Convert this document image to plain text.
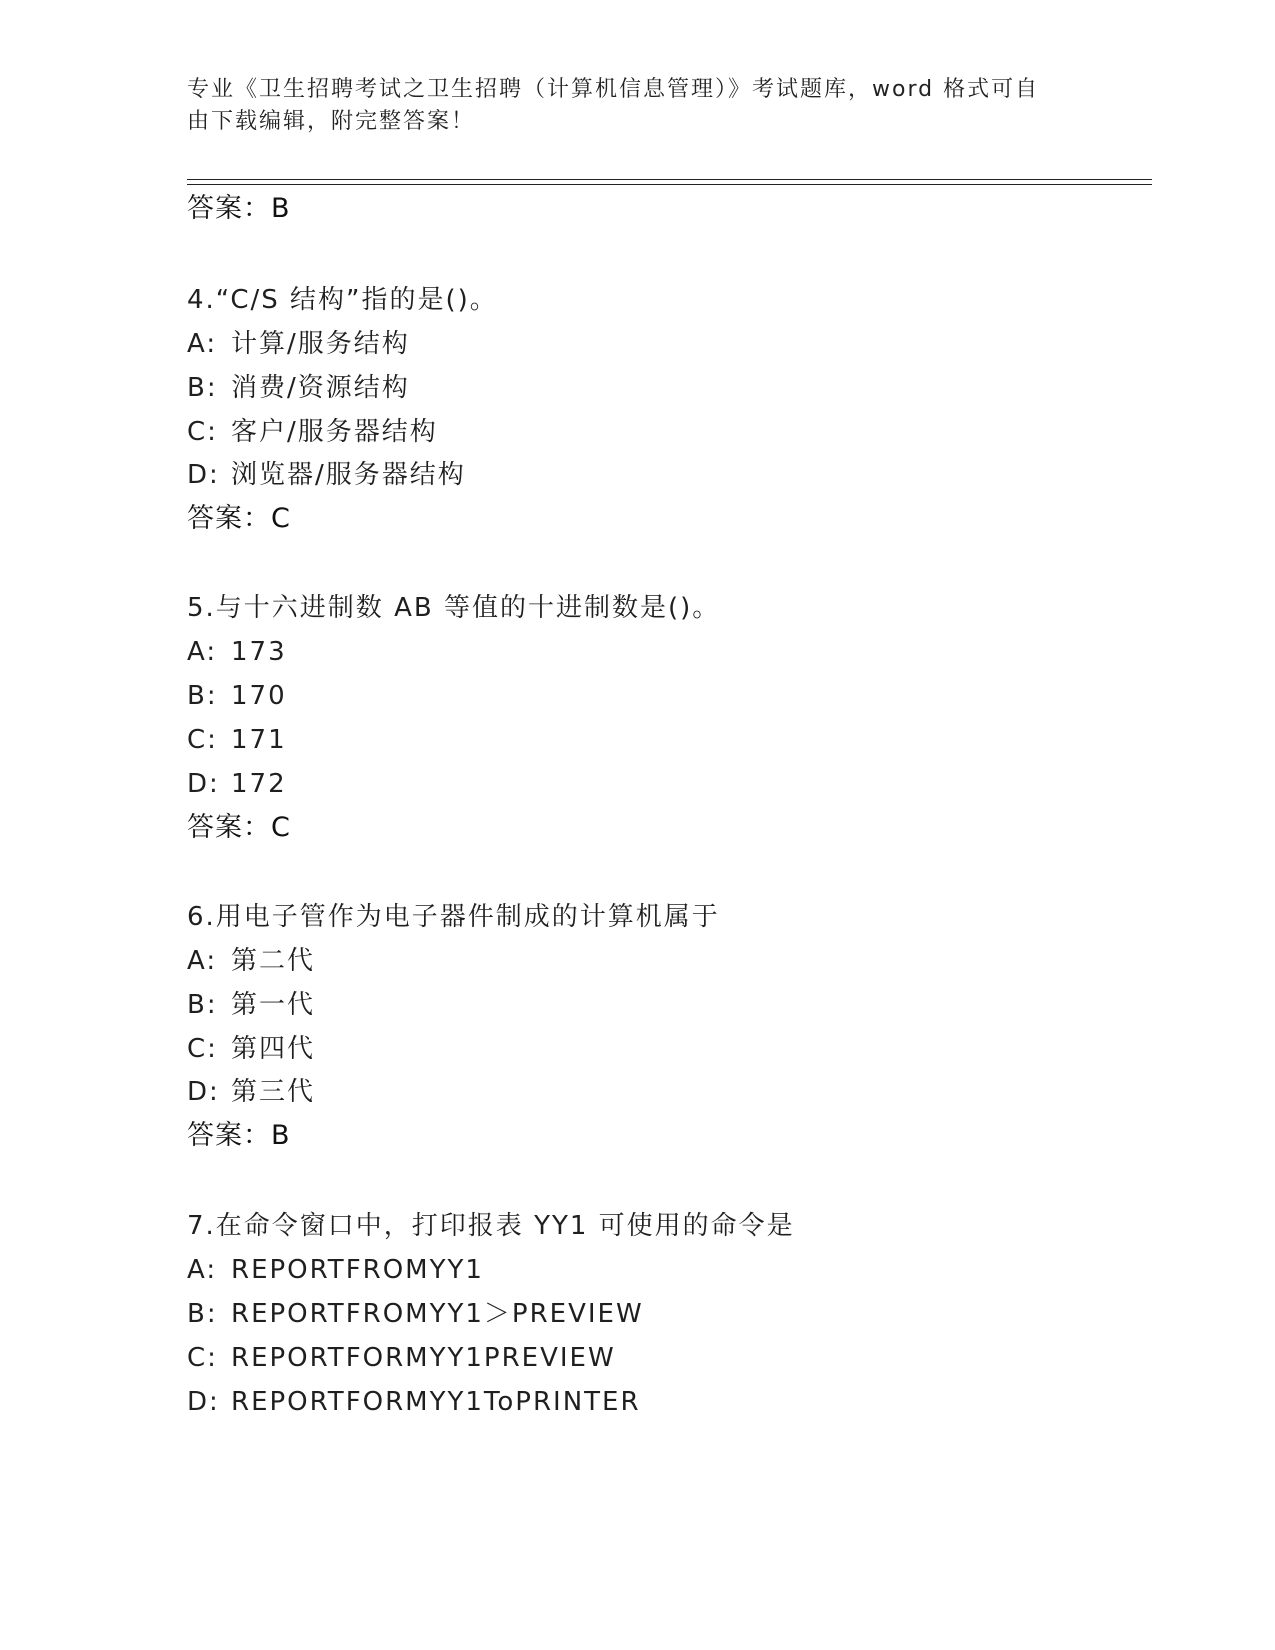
专业《卫生招聘考试之卫生招聘（计算机信息管理）》考试题库，word 格式可自
由下载编辑，附完整答案！
答案：B
4.“C/S 结构”指的是()。
A: 计算/服务结构
B: 消费/资源结构
C: 客户/服务器结构
D: 浏览器/服务器结构
答案：C
5.与十六进制数 AB 等值的十进制数是()。
A: 173
B: 170
C: 171
D: 172
答案：C
6.用电子管作为电子器件制成的计算机属于
A: 第二代
B: 第一代
C: 第四代
D: 第三代
答案：B
7.在命令窗口中，打印报表 YY1 可使用的命令是
A: REPORTFROMYY1
B: REPORTFROMYY1＞PREVIEW
C: REPORTFORMYY1PREVIEW
D: REPORTFORMYY1ToPRINTER
